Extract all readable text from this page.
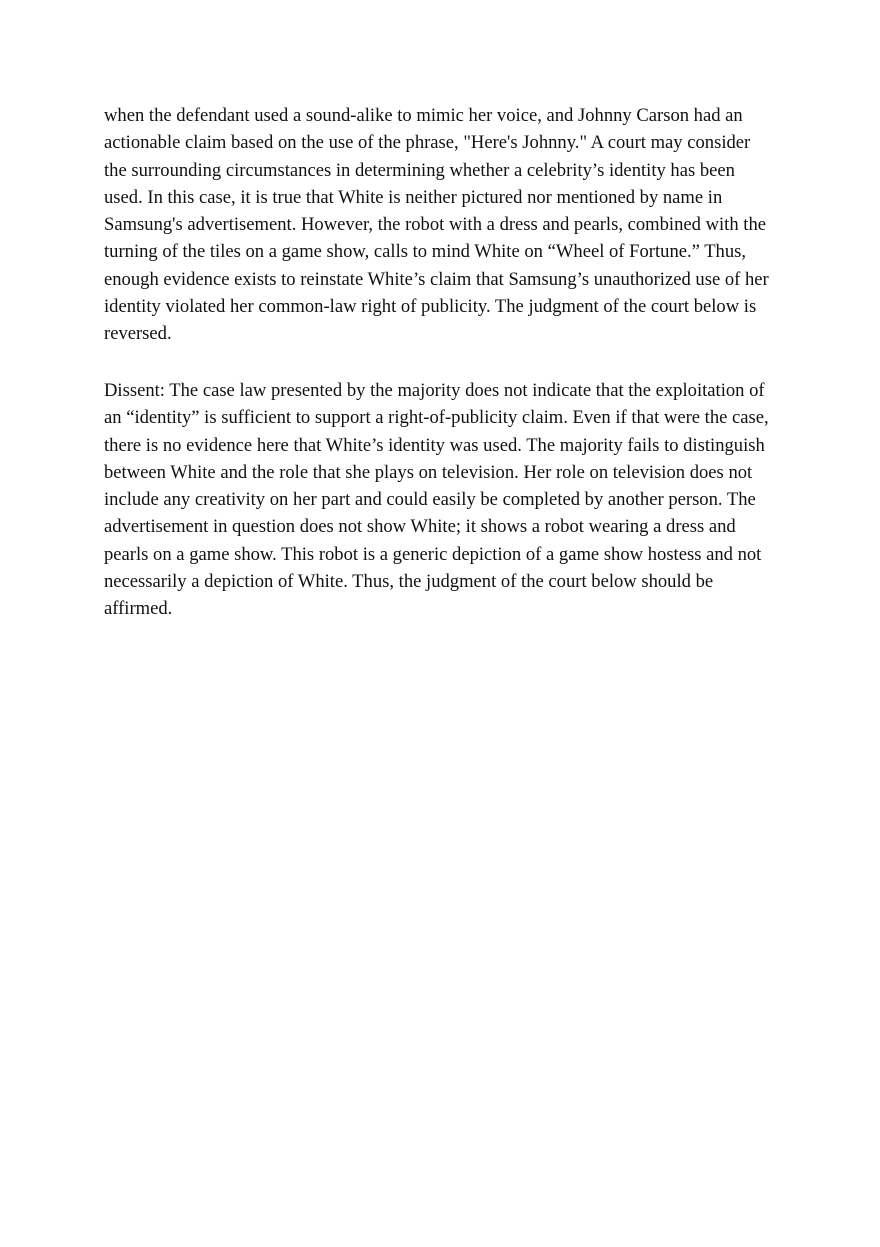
when the defendant used a sound-alike to mimic her voice, and Johnny Carson had an
actionable claim based on the use of the phrase, "Here's Johnny." A court may consider
the surrounding circumstances in determining whether a celebrity’s identity has been
used. In this case, it is true that White is neither pictured nor mentioned by name in
Samsung's advertisement. However, the robot with a dress and pearls, combined with the
turning of the tiles on a game show, calls to mind White on “Wheel of Fortune.” Thus,
enough evidence exists to reinstate White’s claim that Samsung’s unauthorized use of her
identity violated her common-law right of publicity. The judgment of the court below is
reversed.
Dissent: The case law presented by the majority does not indicate that the exploitation of
an “identity” is sufficient to support a right-of-publicity claim. Even if that were the case,
there is no evidence here that White’s identity was used. The majority fails to distinguish
between White and the role that she plays on television. Her role on television does not
include any creativity on her part and could easily be completed by another person. The
advertisement in question does not show White; it shows a robot wearing a dress and
pearls on a game show. This robot is a generic depiction of a game show hostess and not
necessarily a depiction of White. Thus, the judgment of the court below should be
affirmed.
